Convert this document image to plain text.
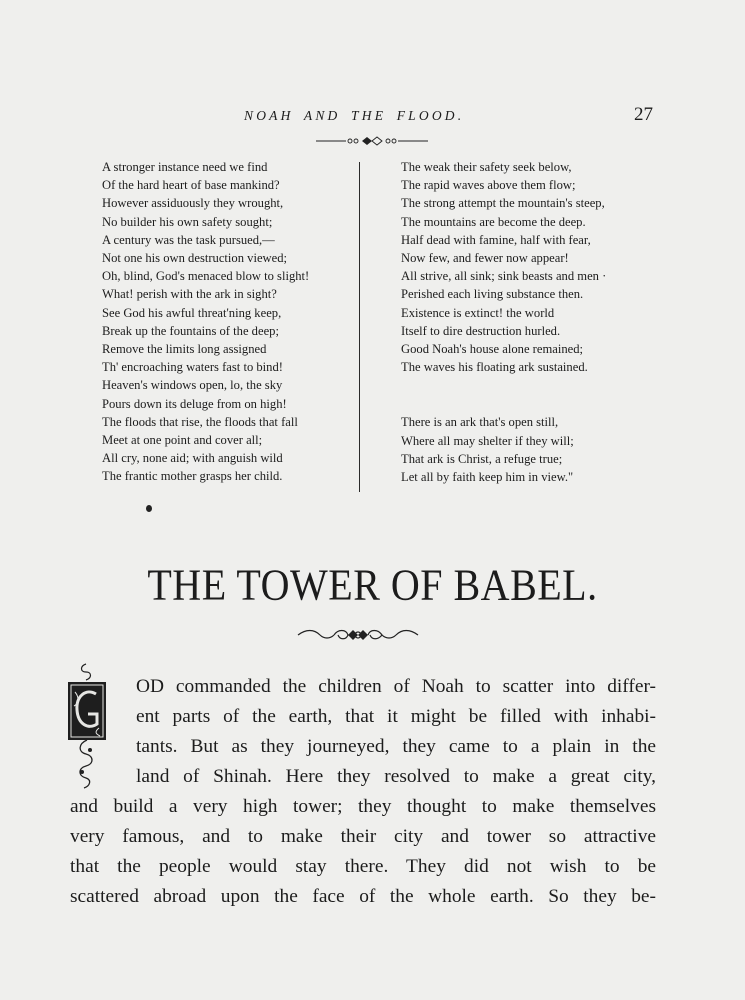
NOAH AND THE FLOOD.	27
A stronger instance need we find
Of the hard heart of base mankind?
However assiduously they wrought,
No builder his own safety sought;
A century was the task pursued,—
Not one his own destruction viewed;
Oh, blind, God's menaced blow to slight!
What! perish with the ark in sight?
See God his awful threat'ning keep,
Break up the fountains of the deep;
Remove the limits long assigned
Th' encroaching waters fast to bind!
Heaven's windows open, lo, the sky
Pours down its deluge from on high!
The floods that rise, the floods that fall
Meet at one point and cover all;
All cry, none aid; with anguish wild
The frantic mother grasps her child.
The weak their safety seek below,
The rapid waves above them flow;
The strong attempt the mountain's steep,
The mountains are become the deep.
Half dead with famine, half with fear,
Now few, and fewer now appear!
All strive, all sink; sink beasts and men ·
Perished each living substance then.
Existence is extinct! the world
Itself to dire destruction hurled.
Good Noah's house alone remained;
The waves his floating ark sustained.
There is an ark that's open still,
Where all may shelter if they will;
That ark is Christ, a refuge true;
Let all by faith keep him in view."
THE TOWER OF BABEL.
OD commanded the children of Noah to scatter into differ-
ent parts of the earth, that it might be filled with inhabi-
tants. But as they journeyed, they came to a plain in the
land of Shinah. Here they resolved to make a great city,
and build a very high tower; they thought to make themselves
very famous, and to make their city and tower so attractive
that the people would stay there. They did not wish to be
scattered abroad upon the face of the whole earth. So they be-
